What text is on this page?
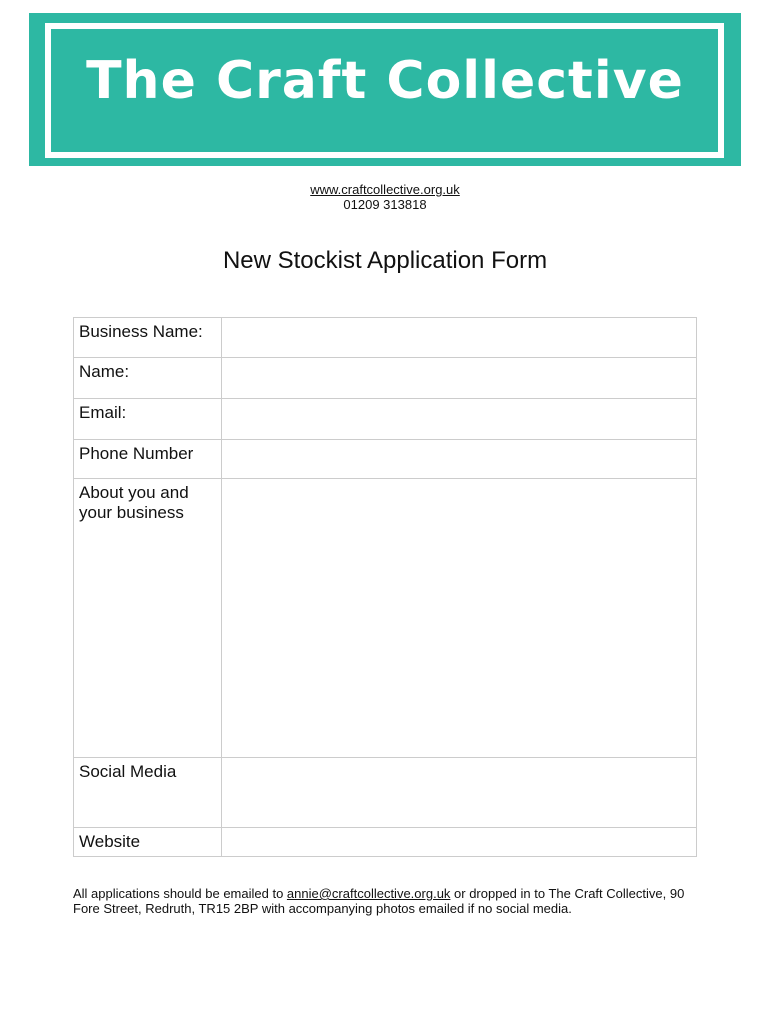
The Craft Collective
www.craftcollective.org.uk
01209 313818
New Stockist Application Form
Business Name:	
Name:	
Email:	
Phone Number	

About you and
your business	

Social Media	
Website	
All applications should be emailed to annie@craftcollective.org.uk or dropped in to The Craft Collective, 90 Fore Street, Redruth, TR15 2BP with accompanying photos emailed if no social media.
